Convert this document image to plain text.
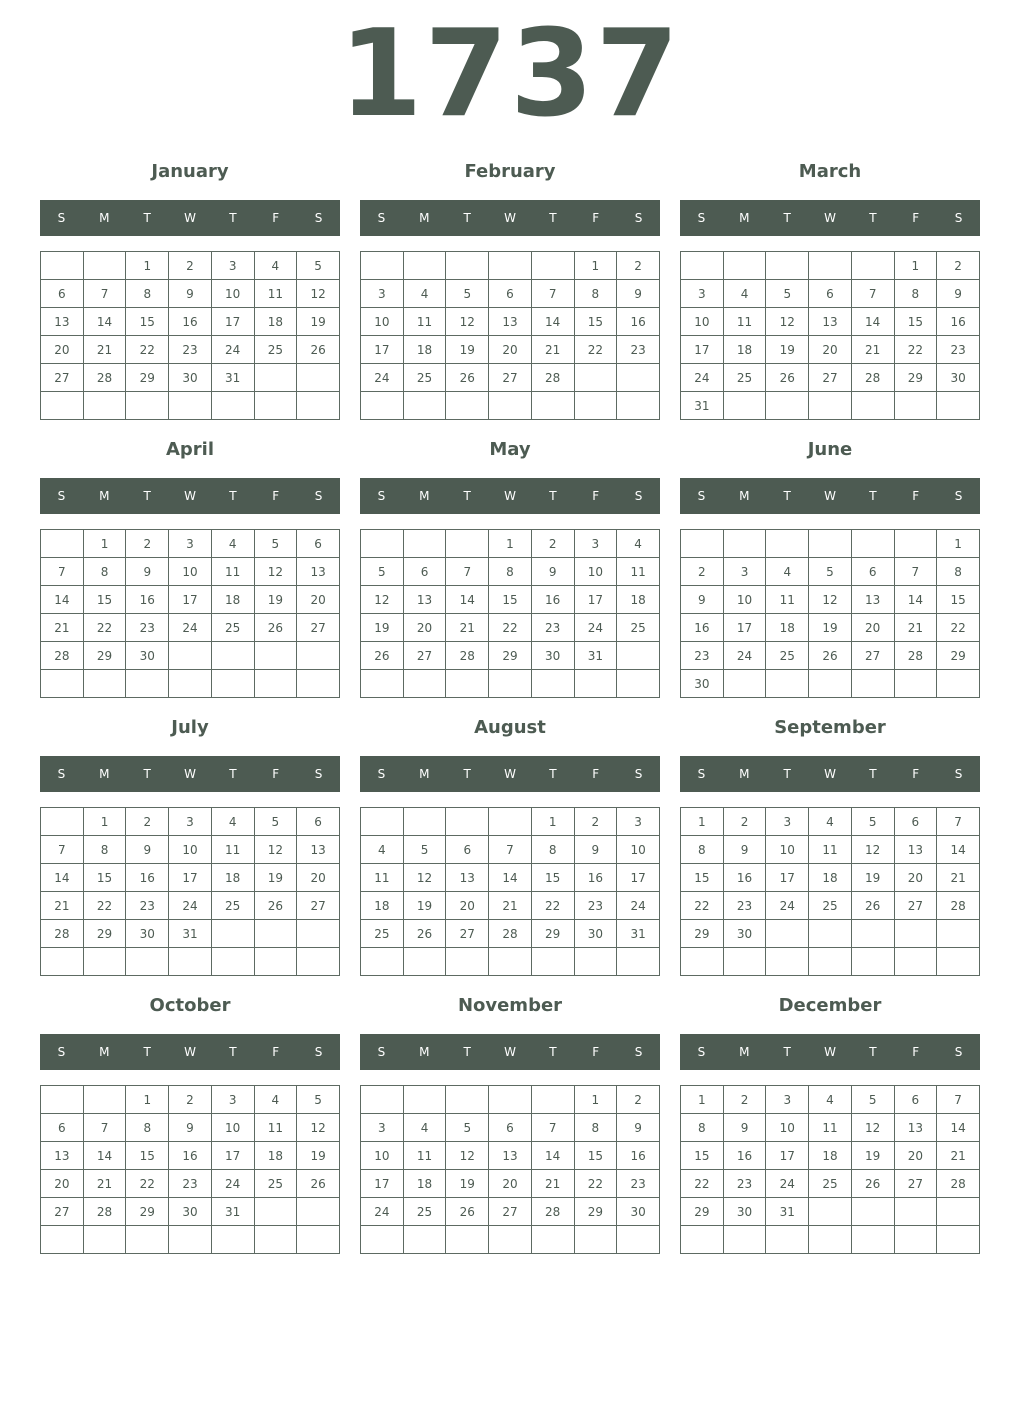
1737
January
S	M	T	W	T	F	S
		1	2	3	4	5
6	7	8	9	10	11	12
13	14	15	16	17	18	19
20	21	22	23	24	25	26
27	28	29	30	31		

February
S	M	T	W	T	F	S
					1	2
3	4	5	6	7	8	9
10	11	12	13	14	15	16
17	18	19	20	21	22	23
24	25	26	27	28		

March
S	M	T	W	T	F	S
					1	2
3	4	5	6	7	8	9
10	11	12	13	14	15	16
17	18	19	20	21	22	23
24	25	26	27	28	29	30
31						
April
S	M	T	W	T	F	S
	1	2	3	4	5	6
7	8	9	10	11	12	13
14	15	16	17	18	19	20
21	22	23	24	25	26	27
28	29	30				

May
S	M	T	W	T	F	S
			1	2	3	4
5	6	7	8	9	10	11
12	13	14	15	16	17	18
19	20	21	22	23	24	25
26	27	28	29	30	31	

June
S	M	T	W	T	F	S
						1
2	3	4	5	6	7	8
9	10	11	12	13	14	15
16	17	18	19	20	21	22
23	24	25	26	27	28	29
30						
July
S	M	T	W	T	F	S
	1	2	3	4	5	6
7	8	9	10	11	12	13
14	15	16	17	18	19	20
21	22	23	24	25	26	27
28	29	30	31			

August
S	M	T	W	T	F	S
				1	2	3
4	5	6	7	8	9	10
11	12	13	14	15	16	17
18	19	20	21	22	23	24
25	26	27	28	29	30	31

September
S	M	T	W	T	F	S
1	2	3	4	5	6	7
8	9	10	11	12	13	14
15	16	17	18	19	20	21
22	23	24	25	26	27	28
29	30					

October
S	M	T	W	T	F	S
		1	2	3	4	5
6	7	8	9	10	11	12
13	14	15	16	17	18	19
20	21	22	23	24	25	26
27	28	29	30	31		

November
S	M	T	W	T	F	S
					1	2
3	4	5	6	7	8	9
10	11	12	13	14	15	16
17	18	19	20	21	22	23
24	25	26	27	28	29	30

December
S	M	T	W	T	F	S
1	2	3	4	5	6	7
8	9	10	11	12	13	14
15	16	17	18	19	20	21
22	23	24	25	26	27	28
29	30	31				
